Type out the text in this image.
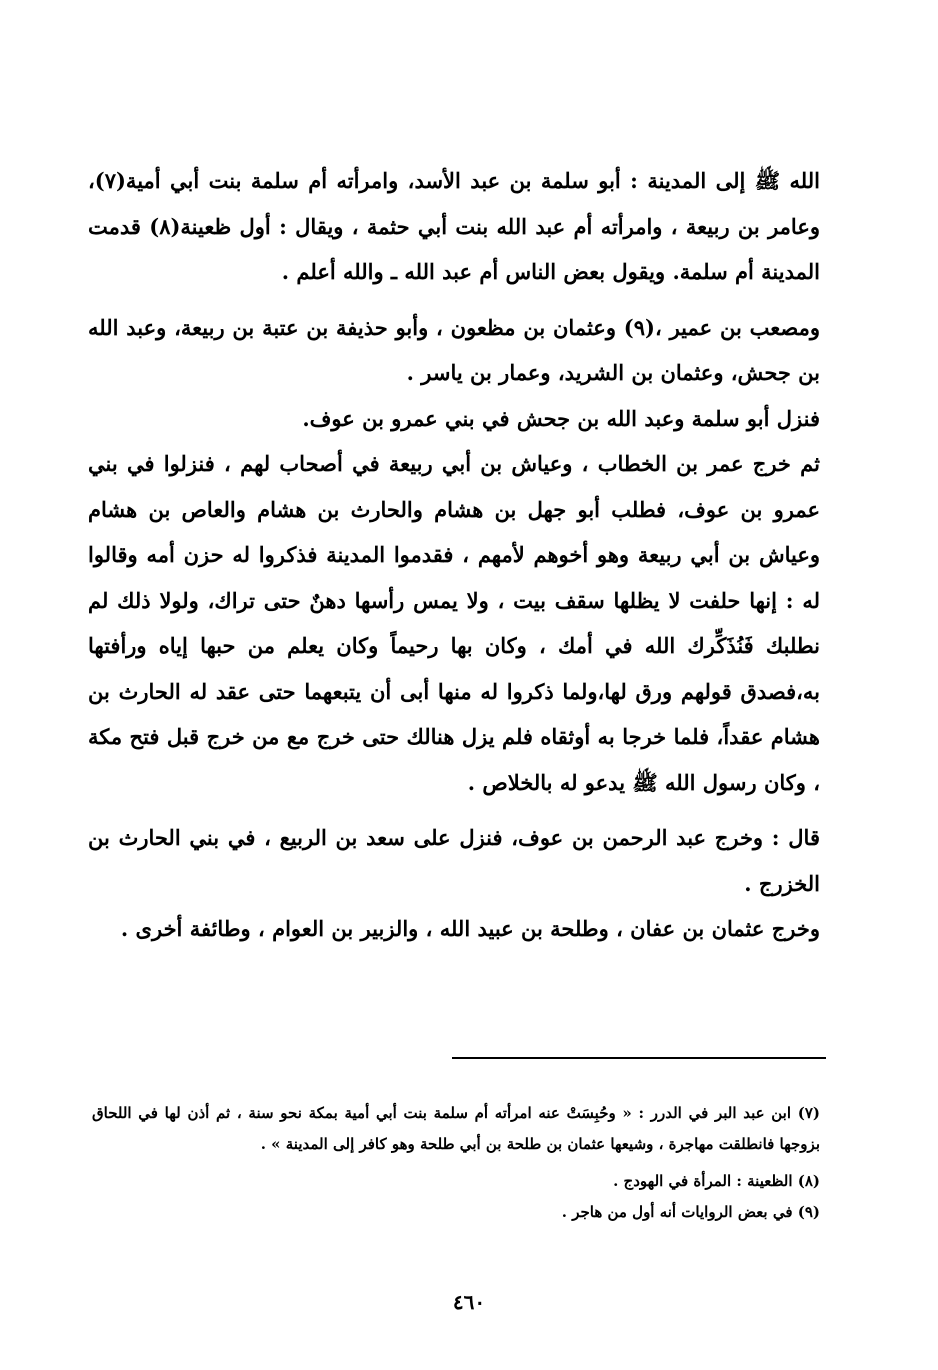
الله ﷺ إلى المدينة : أبو سلمة بن عبد الأسد، وامرأته أم سلمة بنت أبي أمية(٧)، وعامر بن ربيعة ، وامرأته أم عبد الله بنت أبي حثمة ، ويقال : أول ظعينة(٨) قدمت المدينة أم سلمة. ويقول بعض الناس أم عبد الله ـ والله أعلم .

ومصعب بن عمير ،(٩) وعثمان بن مظعون ، وأبو حذيفة بن عتبة بن ربيعة، وعبد الله بن جحش، وعثمان بن الشريد، وعمار بن ياسر .

فنزل أبو سلمة وعبد الله بن جحش في بني عمرو بن عوف.

ثم خرج عمر بن الخطاب ، وعياش بن أبي ربيعة في أصحاب لهم ، فنزلوا في بني عمرو بن عوف، فطلب أبو جهل بن هشام والحارث بن هشام والعاص بن هشام وعياش بن أبي ربيعة وهو أخوهم لأمهم ، فقدموا المدينة فذكروا له حزن أمه وقالوا له : إنها حلفت لا يظلها سقف بيت ، ولا يمس رأسها دهنٌ حتى تراك، ولولا ذلك لم نطلبك فَنُذَكِّرك الله في أمك ، وكان بها رحيماً وكان يعلم من حبها إياه ورأفتها به،فصدق قولهم ورق لها،ولما ذكروا له منها أبى أن يتبعهما حتى عقد له الحارث بن هشام عقداً، فلما خرجا به أوثقاه فلم يزل هنالك حتى خرج مع من خرج قبل فتح مكة ، وكان رسول الله ﷺ يدعو له بالخلاص .

قال : وخرج عبد الرحمن بن عوف، فنزل على سعد بن الربيع ، في بني الحارث بن الخزرج .

وخرج عثمان بن عفان ، وطلحة بن عبيد الله ، والزبير بن العوام ، وطائفة أخرى .

(٧) ابن عبد البر في الدرر : « وحُبِسَتْ عنه امرأته أم سلمة بنت أبي أمية بمكة نحو سنة ، ثم أذن لها في اللحاق بزوجها فانطلقت مهاجرة ، وشيعها عثمان بن طلحة بن أبي طلحة وهو كافر إلى المدينة » .

(٨) الظعينة : المرأة في الهودج .

(٩) في بعض الروايات أنه أول من هاجر .

٤٦٠
